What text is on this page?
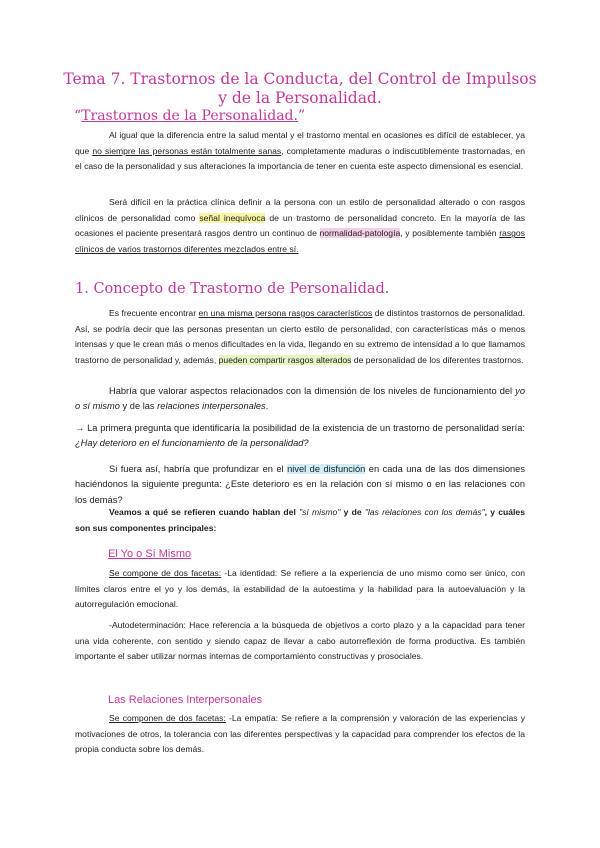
Tema 7. Trastornos de la Conducta, del Control de Impulsos y de la Personalidad.
“Trastornos de la Personalidad.”
Al igual que la diferencia entre la salud mental y el trastorno mental en ocasiones es difícil de establecer, ya que no siempre las personas están totalmente sanas, completamente maduras o indiscutiblemente trastornadas, en el caso de la personalidad y sus alteraciones la importancia de tener en cuenta este aspecto dimensional es esencial.
Será difícil en la práctica clínica definir a la persona con un estilo de personalidad alterado o con rasgos clínicos de personalidad como señal inequívoca de un trastorno de personalidad concreto. En la mayoría de las ocasiones el paciente presentará rasgos dentro un continuo de normalidad-patología, y posiblemente también rasgos clínicos de varios trastornos diferentes mezclados entre sí.
1. Concepto de Trastorno de Personalidad.
Es frecuente encontrar en una misma persona rasgos característicos de distintos trastornos de personalidad. Así, se podría decir que las personas presentan un cierto estilo de personalidad, con características más o menos intensas y que le crean más o menos dificultades en la vida, llegando en su extremo de intensidad a lo que llamamos trastorno de personalidad y, además, pueden compartir rasgos alterados de personalidad de los diferentes trastornos.
Habría que valorar aspectos relacionados con la dimensión de los niveles de funcionamiento del yo o sí mismo y de las relaciones interpersonales.
→ La primera pregunta que identificaría la posibilidad de la existencia de un trastorno de personalidad sería: ¿Hay deterioro en el funcionamiento de la personalidad?
Si fuera así, habría que profundizar en el nivel de disfunción en cada una de las dos dimensiones haciéndonos la siguiente pregunta: ¿Este deterioro es en la relación con sí mismo o en las relaciones con los demás?
Veamos a qué se refieren cuando hablan del "sí mismo" y de "las relaciones con los demás", y cuáles son sus componentes principales:
El Yo o Sí Mismo
Se compone de dos facetas: -La identidad: Se refiere a la experiencia de uno mismo como ser único, con límites claros entre el yo y los demás, la estabilidad de la autoestima y la habilidad para la autoevaluación y la autorregulación emocional.
-Autodeterminación: Hace referencia a la búsqueda de objetivos a corto plazo y a la capacidad para tener una vida coherente, con sentido y siendo capaz de llevar a cabo autorreflexión de forma productiva. Es también importante el saber utilizar normas internas de comportamiento constructivas y prosociales.
Las Relaciones Interpersonales
Se componen de dos facetas: -La empatía: Se refiere a la comprensión y valoración de las experiencias y motivaciones de otros, la tolerancia con las diferentes perspectivas y la capacidad para comprender los efectos de la propia conducta sobre los demás.
